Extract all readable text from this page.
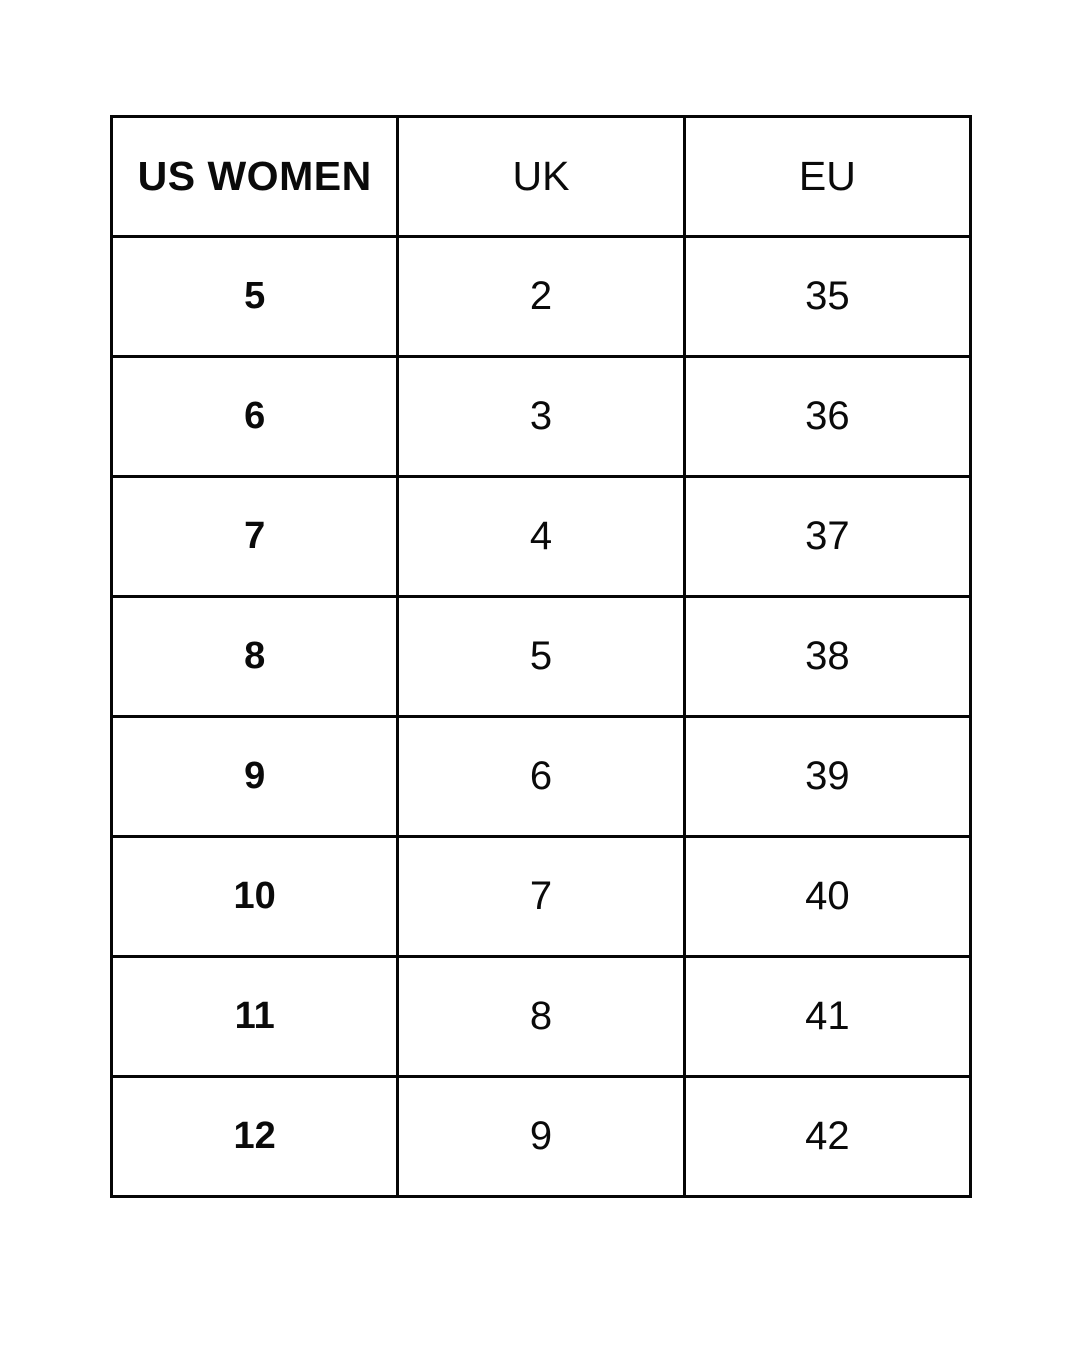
US WOMEN	UK	EU
5	2	35
6	3	36
7	4	37
8	5	38
9	6	39
10	7	40
11	8	41
12	9	42
